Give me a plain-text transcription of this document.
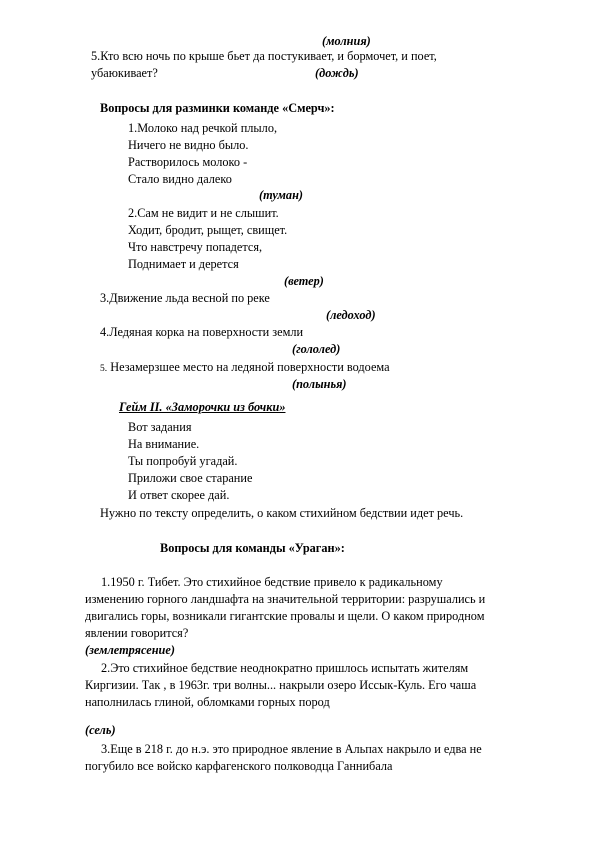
(молния)
5.Кто всю ночь по крыше бьет да постукивает, и бормочет, и поет,
убаюкивает?	(дождь)
Вопросы для разминки команде «Смерч»:
1.Молоко над речкой плыло,
Ничего не видно было.
Растворилось молоко -
Стало видно далеко
(туман)
2.Сам не видит и не слышит.
Ходит, бродит, рыщет, свищет.
Что навстречу попадется,
Поднимает и дерется
(ветер)
3.Движение льда весной по реке
(ледоход)
4.Ледяная корка на поверхности земли
(гололед)
5. Незамерзшее место на ледяной поверхности водоема
(полынья)
Гейм II. «Заморочки из бочки»
Вот задания
На внимание.
Ты попробуй угадай.
Приложи свое старание
И ответ скорее дай.
Нужно по тексту определить, о каком стихийном бедствии идет речь.
Вопросы для команды «Ураган»:
1.1950 г. Тибет. Это стихийное бедствие привело к радикальному
изменению горного ландшафта на значительной территории: разрушались и
двигались горы, возникали гигантские провалы и щели. О каком природном
явлении говорится?
(землетрясение)
2.Это стихийное бедствие неоднократно пришлось испытать жителям
Киргизии. Так , в 1963г. три волны... накрыли озеро Иссык-Куль. Его чаша
наполнилась глиной, обломками горных пород
(сель)
3.Еще в 218 г. до н.э. это природное явление в Альпах накрыло и едва не
погубило все войско карфагенского полководца Ганнибала
